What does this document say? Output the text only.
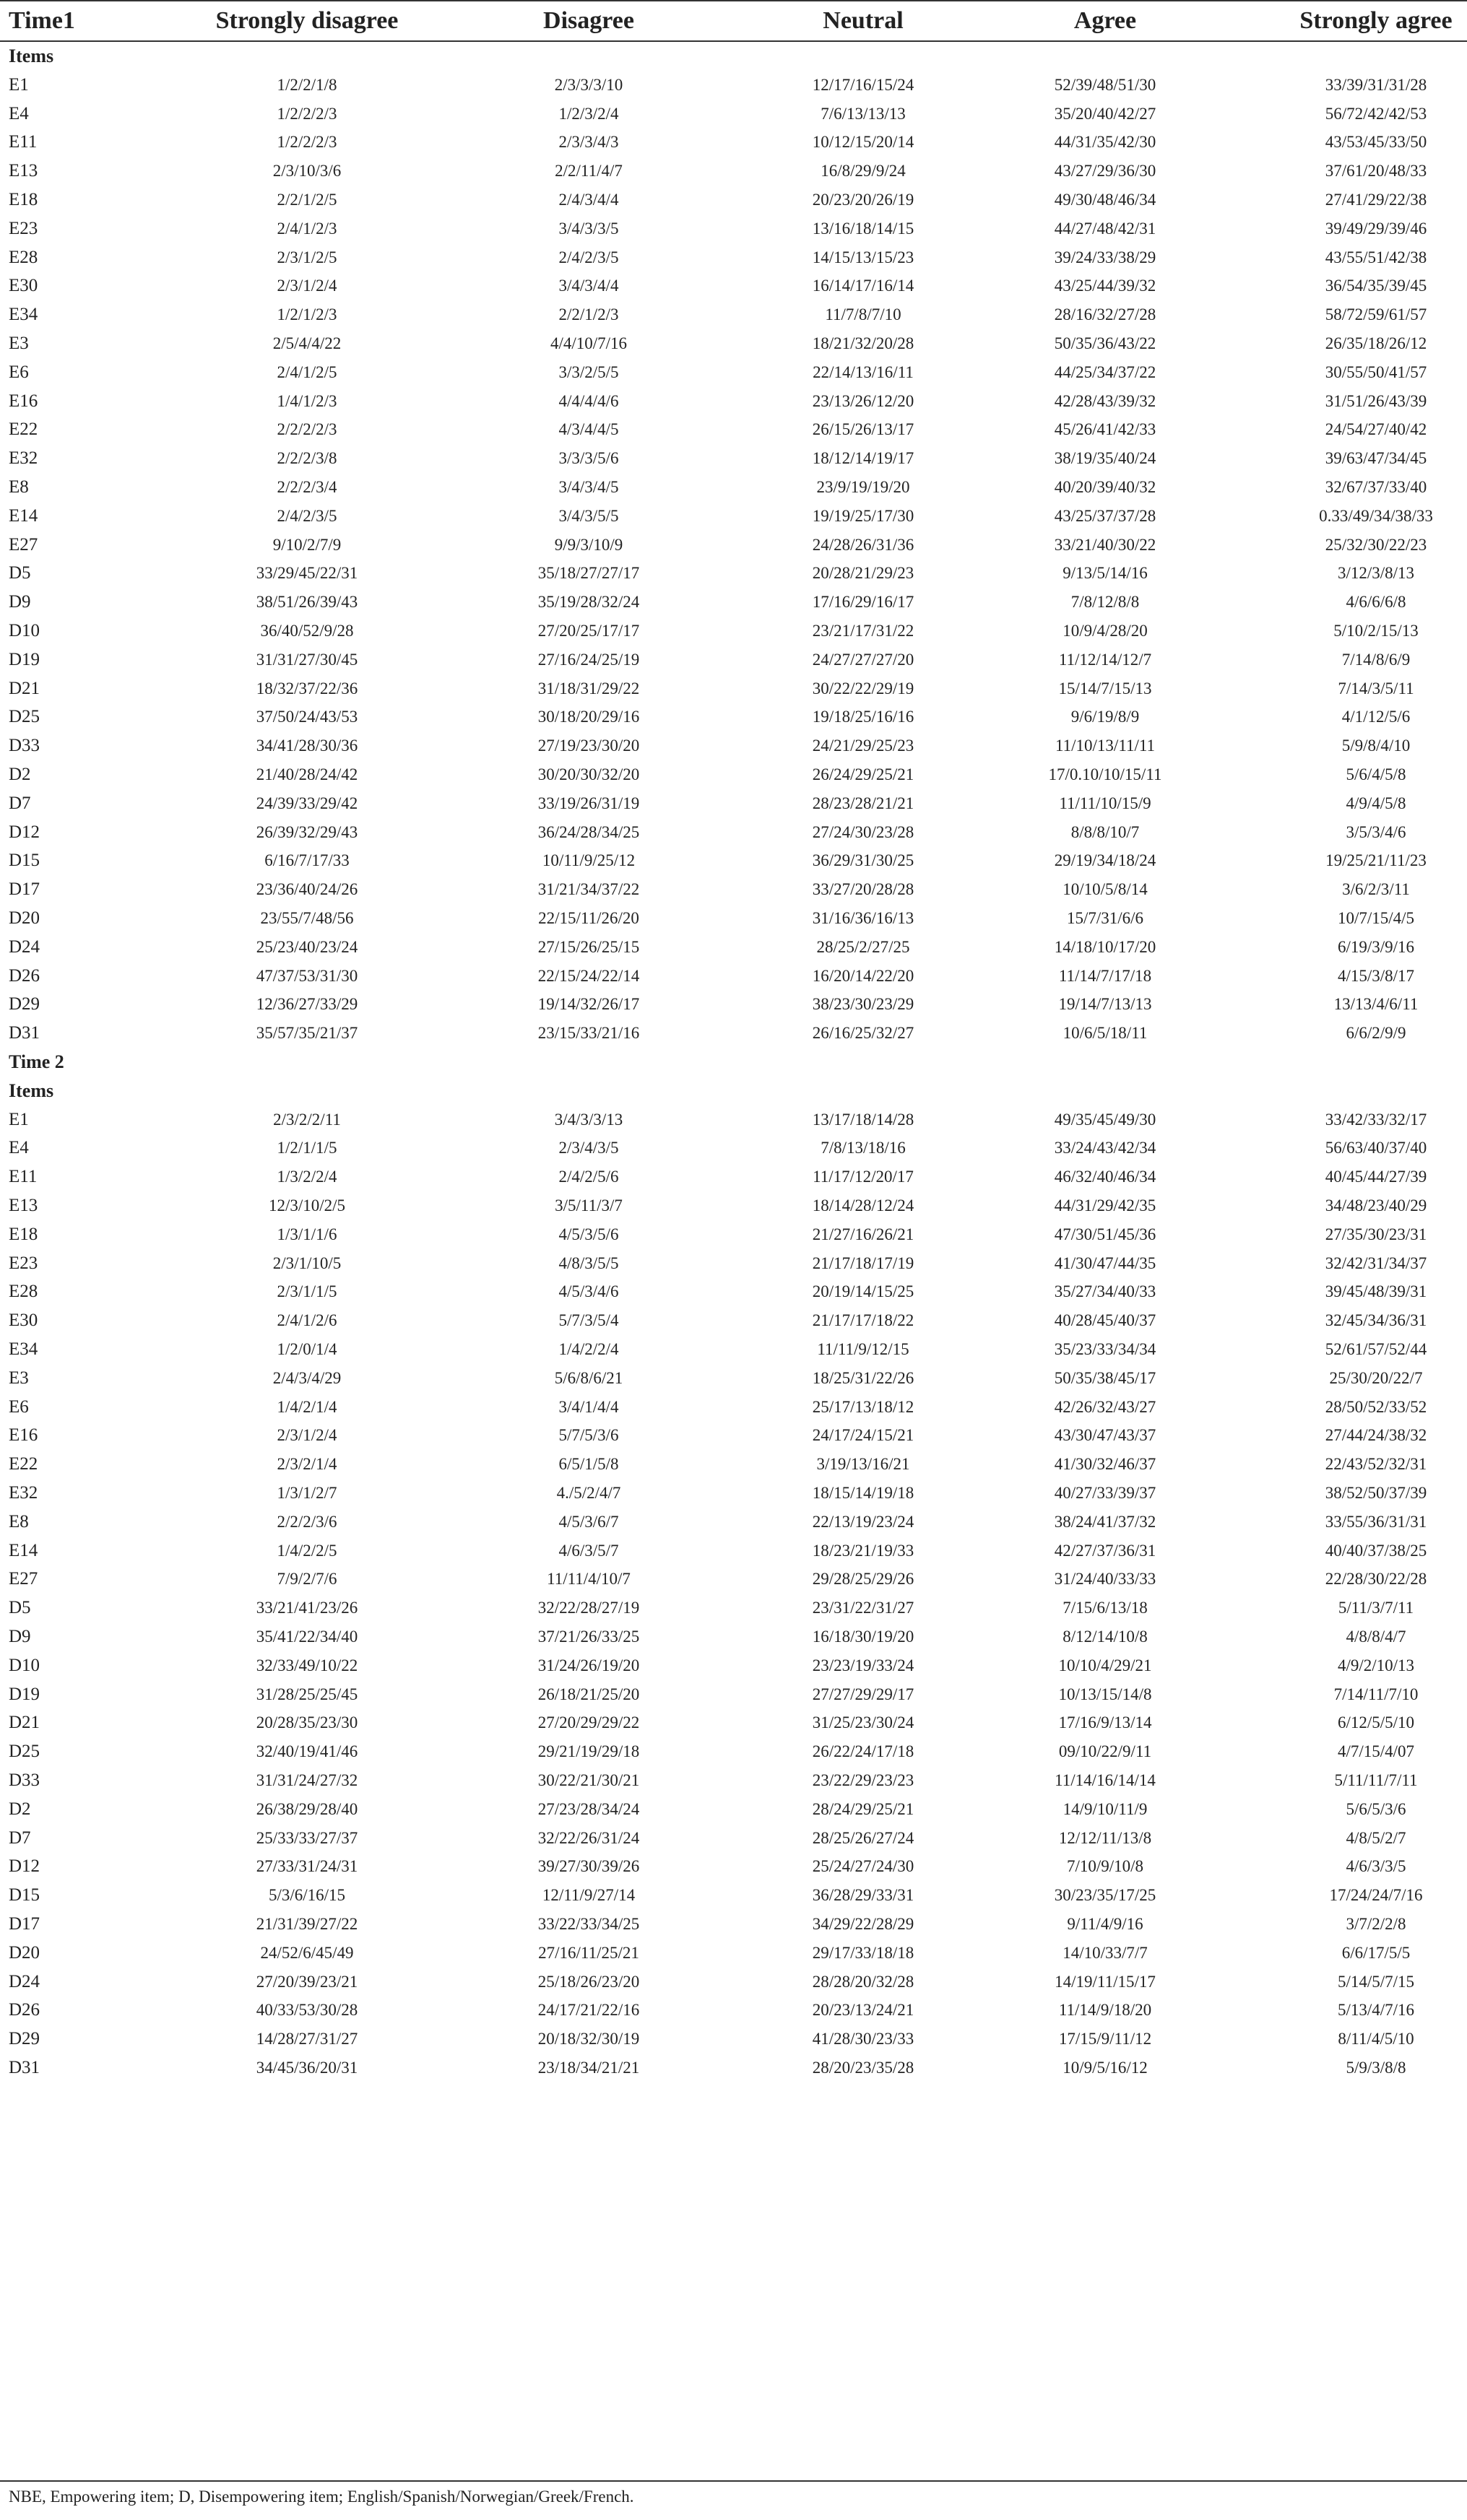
Time1	Strongly disagree	Disagree	Neutral	Agree	Strongly agree
Items
E1	1/2/2/1/8	2/3/3/3/10	12/17/16/15/24	52/39/48/51/30	33/39/31/31/28
E4	1/2/2/2/3	1/2/3/2/4	7/6/13/13/13	35/20/40/42/27	56/72/42/42/53
E11	1/2/2/2/3	2/3/3/4/3	10/12/15/20/14	44/31/35/42/30	43/53/45/33/50
E13	2/3/10/3/6	2/2/11/4/7	16/8/29/9/24	43/27/29/36/30	37/61/20/48/33
E18	2/2/1/2/5	2/4/3/4/4	20/23/20/26/19	49/30/48/46/34	27/41/29/22/38
E23	2/4/1/2/3	3/4/3/3/5	13/16/18/14/15	44/27/48/42/31	39/49/29/39/46
E28	2/3/1/2/5	2/4/2/3/5	14/15/13/15/23	39/24/33/38/29	43/55/51/42/38
E30	2/3/1/2/4	3/4/3/4/4	16/14/17/16/14	43/25/44/39/32	36/54/35/39/45
E34	1/2/1/2/3	2/2/1/2/3	11/7/8/7/10	28/16/32/27/28	58/72/59/61/57
E3	2/5/4/4/22	4/4/10/7/16	18/21/32/20/28	50/35/36/43/22	26/35/18/26/12
E6	2/4/1/2/5	3/3/2/5/5	22/14/13/16/11	44/25/34/37/22	30/55/50/41/57
E16	1/4/1/2/3	4/4/4/4/6	23/13/26/12/20	42/28/43/39/32	31/51/26/43/39
E22	2/2/2/2/3	4/3/4/4/5	26/15/26/13/17	45/26/41/42/33	24/54/27/40/42
E32	2/2/2/3/8	3/3/3/5/6	18/12/14/19/17	38/19/35/40/24	39/63/47/34/45
E8	2/2/2/3/4	3/4/3/4/5	23/9/19/19/20	40/20/39/40/32	32/67/37/33/40
E14	2/4/2/3/5	3/4/3/5/5	19/19/25/17/30	43/25/37/37/28	0.33/49/34/38/33
E27	9/10/2/7/9	9/9/3/10/9	24/28/26/31/36	33/21/40/30/22	25/32/30/22/23
D5	33/29/45/22/31	35/18/27/27/17	20/28/21/29/23	9/13/5/14/16	3/12/3/8/13
D9	38/51/26/39/43	35/19/28/32/24	17/16/29/16/17	7/8/12/8/8	4/6/6/6/8
D10	36/40/52/9/28	27/20/25/17/17	23/21/17/31/22	10/9/4/28/20	5/10/2/15/13
D19	31/31/27/30/45	27/16/24/25/19	24/27/27/27/20	11/12/14/12/7	7/14/8/6/9
D21	18/32/37/22/36	31/18/31/29/22	30/22/22/29/19	15/14/7/15/13	7/14/3/5/11
D25	37/50/24/43/53	30/18/20/29/16	19/18/25/16/16	9/6/19/8/9	4/1/12/5/6
D33	34/41/28/30/36	27/19/23/30/20	24/21/29/25/23	11/10/13/11/11	5/9/8/4/10
D2	21/40/28/24/42	30/20/30/32/20	26/24/29/25/21	17/0.10/10/15/11	5/6/4/5/8
D7	24/39/33/29/42	33/19/26/31/19	28/23/28/21/21	11/11/10/15/9	4/9/4/5/8
D12	26/39/32/29/43	36/24/28/34/25	27/24/30/23/28	8/8/8/10/7	3/5/3/4/6
D15	6/16/7/17/33	10/11/9/25/12	36/29/31/30/25	29/19/34/18/24	19/25/21/11/23
D17	23/36/40/24/26	31/21/34/37/22	33/27/20/28/28	10/10/5/8/14	3/6/2/3/11
D20	23/55/7/48/56	22/15/11/26/20	31/16/36/16/13	15/7/31/6/6	10/7/15/4/5
D24	25/23/40/23/24	27/15/26/25/15	28/25/2/27/25	14/18/10/17/20	6/19/3/9/16
D26	47/37/53/31/30	22/15/24/22/14	16/20/14/22/20	11/14/7/17/18	4/15/3/8/17
D29	12/36/27/33/29	19/14/32/26/17	38/23/30/23/29	19/14/7/13/13	13/13/4/6/11
D31	35/57/35/21/37	23/15/33/21/16	26/16/25/32/27	10/6/5/18/11	6/6/2/9/9
Time 2
Items
E1	2/3/2/2/11	3/4/3/3/13	13/17/18/14/28	49/35/45/49/30	33/42/33/32/17
E4	1/2/1/1/5	2/3/4/3/5	7/8/13/18/16	33/24/43/42/34	56/63/40/37/40
E11	1/3/2/2/4	2/4/2/5/6	11/17/12/20/17	46/32/40/46/34	40/45/44/27/39
E13	12/3/10/2/5	3/5/11/3/7	18/14/28/12/24	44/31/29/42/35	34/48/23/40/29
E18	1/3/1/1/6	4/5/3/5/6	21/27/16/26/21	47/30/51/45/36	27/35/30/23/31
E23	2/3/1/10/5	4/8/3/5/5	21/17/18/17/19	41/30/47/44/35	32/42/31/34/37
E28	2/3/1/1/5	4/5/3/4/6	20/19/14/15/25	35/27/34/40/33	39/45/48/39/31
E30	2/4/1/2/6	5/7/3/5/4	21/17/17/18/22	40/28/45/40/37	32/45/34/36/31
E34	1/2/0/1/4	1/4/2/2/4	11/11/9/12/15	35/23/33/34/34	52/61/57/52/44
E3	2/4/3/4/29	5/6/8/6/21	18/25/31/22/26	50/35/38/45/17	25/30/20/22/7
E6	1/4/2/1/4	3/4/1/4/4	25/17/13/18/12	42/26/32/43/27	28/50/52/33/52
E16	2/3/1/2/4	5/7/5/3/6	24/17/24/15/21	43/30/47/43/37	27/44/24/38/32
E22	2/3/2/1/4	6/5/1/5/8	3/19/13/16/21	41/30/32/46/37	22/43/52/32/31
E32	1/3/1/2/7	4./5/2/4/7	18/15/14/19/18	40/27/33/39/37	38/52/50/37/39
E8	2/2/2/3/6	4/5/3/6/7	22/13/19/23/24	38/24/41/37/32	33/55/36/31/31
E14	1/4/2/2/5	4/6/3/5/7	18/23/21/19/33	42/27/37/36/31	40/40/37/38/25
E27	7/9/2/7/6	11/11/4/10/7	29/28/25/29/26	31/24/40/33/33	22/28/30/22/28
D5	33/21/41/23/26	32/22/28/27/19	23/31/22/31/27	7/15/6/13/18	5/11/3/7/11
D9	35/41/22/34/40	37/21/26/33/25	16/18/30/19/20	8/12/14/10/8	4/8/8/4/7
D10	32/33/49/10/22	31/24/26/19/20	23/23/19/33/24	10/10/4/29/21	4/9/2/10/13
D19	31/28/25/25/45	26/18/21/25/20	27/27/29/29/17	10/13/15/14/8	7/14/11/7/10
D21	20/28/35/23/30	27/20/29/29/22	31/25/23/30/24	17/16/9/13/14	6/12/5/5/10
D25	32/40/19/41/46	29/21/19/29/18	26/22/24/17/18	09/10/22/9/11	4/7/15/4/07
D33	31/31/24/27/32	30/22/21/30/21	23/22/29/23/23	11/14/16/14/14	5/11/11/7/11
D2	26/38/29/28/40	27/23/28/34/24	28/24/29/25/21	14/9/10/11/9	5/6/5/3/6
D7	25/33/33/27/37	32/22/26/31/24	28/25/26/27/24	12/12/11/13/8	4/8/5/2/7
D12	27/33/31/24/31	39/27/30/39/26	25/24/27/24/30	7/10/9/10/8	4/6/3/3/5
D15	5/3/6/16/15	12/11/9/27/14	36/28/29/33/31	30/23/35/17/25	17/24/24/7/16
D17	21/31/39/27/22	33/22/33/34/25	34/29/22/28/29	9/11/4/9/16	3/7/2/2/8
D20	24/52/6/45/49	27/16/11/25/21	29/17/33/18/18	14/10/33/7/7	6/6/17/5/5
D24	27/20/39/23/21	25/18/26/23/20	28/28/20/32/28	14/19/11/15/17	5/14/5/7/15
D26	40/33/53/30/28	24/17/21/22/16	20/23/13/24/21	11/14/9/18/20	5/13/4/7/16
D29	14/28/27/31/27	20/18/32/30/19	41/28/30/23/33	17/15/9/11/12	8/11/4/5/10
D31	34/45/36/20/31	23/18/34/21/21	28/20/23/35/28	10/9/5/16/12	5/9/3/8/8
NBE, Empowering item; D, Disempowering item; English/Spanish/Norwegian/Greek/French.
